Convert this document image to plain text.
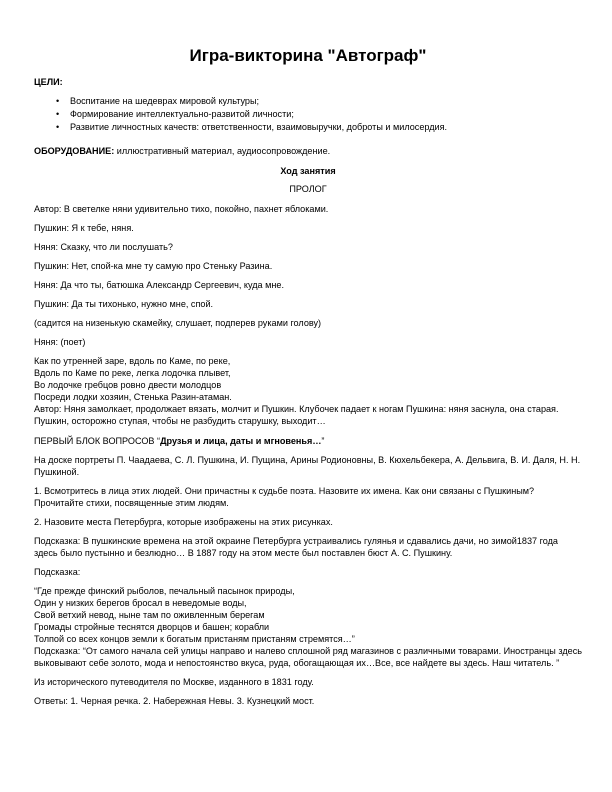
Игра-викторина "Автограф"
ЦЕЛИ:
• Воспитание на шедеврах мировой культуры;
• Формирование интеллектуально-развитой личности;
• Развитие личностных качеств: ответственности, взаимовыручки, доброты и милосердия.

ОБОРУДОВАНИЕ: иллюстративный материал, аудиосопровождение.

Ход занятия

ПРОЛОГ

Автор: В светелке няни удивительно тихо, покойно, пахнет яблоками.

Пушкин: Я к тебе, няня.

Няня: Сказку, что ли послушать?

Пушкин: Нет, спой-ка мне ту самую про Стеньку Разина.

Няня: Да что ты, батюшка Александр Сергеевич, куда мне.

Пушкин: Да ты тихонько, нужно мне, спой.

(садится на низенькую скамейку, слушает, подперев руками голову)

Няня: (поет)

Как по утренней заре, вдоль по Каме, по реке,
Вдоль по Каме по реке, легка лодочка плывет,
Во лодочке гребцов ровно двести молодцов
Посреди лодки хозяин, Стенька Разин-атаман.
Автор: Няня замолкает, продолжает вязать, молчит и Пушкин. Клубочек падает к ногам Пушкина: няня заснула, она старая. Пушкин, осторожно ступая, чтобы не разбудить старушку, выходит…

ПЕРВЫЙ БЛОК ВОПРОСОВ “Друзья и лица, даты и мгновенья…”

На доске портреты П. Чаадаева, С. Л. Пушкина, И. Пущина, Арины Родионовны, В. Кюхельбекера, А. Дельвига, В. И. Даля, Н. Н. Пушкиной.

1. Всмотритесь в лица этих людей. Они причастны к судьбе поэта. Назовите их имена. Как они связаны с Пушкиным? Прочитайте стихи, посвященные этим людям.

2. Назовите места Петербурга, которые изображены на этих рисунках.

Подсказка: В пушкинские времена на этой окраине Петербурга устраивались гулянья и сдавались дачи, но зимой1837 года здесь было пустынно и безлюдно… В 1887 году на этом месте был поставлен бюст А. С. Пушкину.

Подсказка:

“Где прежде финский рыболов, печальный пасынок природы,
Один у низких берегов бросал в неведомые воды,
Свой ветхий невод, ныне там по оживленным берегам
Громады стройные теснятся дворцов и башен; корабли
Толпой со всех концов земли к богатым пристаням пристаням стремятся…”
Подсказка: “От самого начала сей улицы направо и налево сплошной ряд магазинов с различными товарами. Иностранцы здесь выковывают себе золото, мода и непостоянство вкуса, руда, обогащающая их…Все, все найдете вы здесь. Наш читатель. ”

Из исторического путеводителя по Москве, изданного в 1831 году.

Ответы: 1. Черная речка. 2. Набережная Невы. 3. Кузнецкий мост.
